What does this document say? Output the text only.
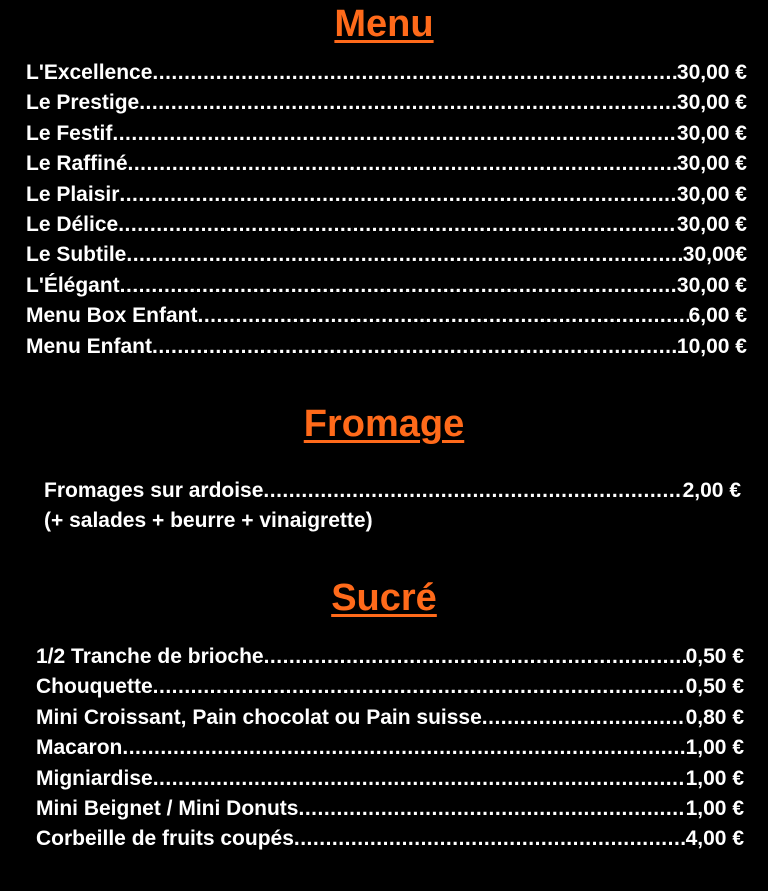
Menu
L'Excellence .....	30,00 €
Le Prestige .....	30,00 €
Le Festif .....	30,00 €
Le Raffiné .....	30,00 €
Le Plaisir .....	30,00 €
Le Délice .....	30,00 €
Le Subtile .....	30,00€
L'Élégant .....	30,00 €
Menu Box Enfant .....	6,00 €
Menu Enfant .....	10,00 €
Fromage
Fromages sur ardoise .....	2,00 €
(+ salades + beurre + vinaigrette)
Sucré
1/2 Tranche de brioche .....	0,50 €
Chouquette .....	0,50 €
Mini Croissant, Pain chocolat ou Pain suisse .....	0,80 €
Macaron .....	1,00 €
Migniardise .....	1,00 €
Mini Beignet / Mini Donuts .....	1,00 €
Corbeille de fruits coupés .....	4,00 €
